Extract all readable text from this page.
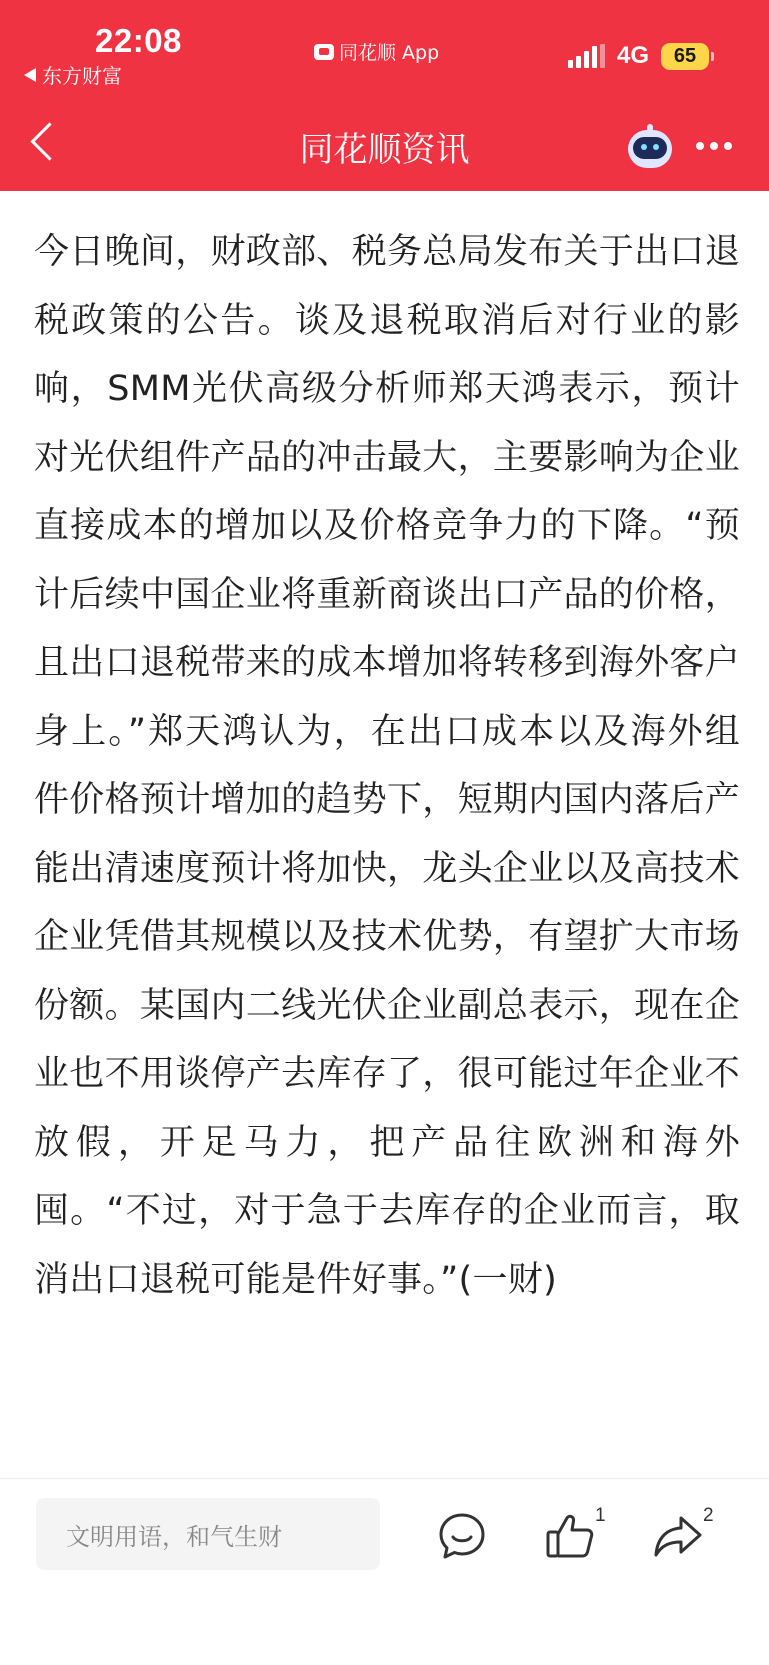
22:08
东方财富
同花顺 App	4G 65
同花顺资讯
今日晚间，财政部、税务总局发布关于出口退税政策的公告。谈及退税取消后对行业的影响，SMM光伏高级分析师郑天鸿表示，预计对光伏组件产品的冲击最大，主要影响为企业直接成本的增加以及价格竞争力的下降。“预计后续中国企业将重新商谈出口产品的价格，且出口退税带来的成本增加将转移到海外客户身上。”郑天鸿认为，在出口成本以及海外组件价格预计增加的趋势下，短期内国内落后产能出清速度预计将加快，龙头企业以及高技术企业凭借其规模以及技术优势，有望扩大市场份额。某国内二线光伏企业副总表示，现在企业也不用谈停产去库存了，很可能过年企业不放假，开足马力，把产品往欧洲和海外囤。“不过，对于急于去库存的企业而言，取消出口退税可能是件好事。”(一财)
文明用语，和气生财
1	2
